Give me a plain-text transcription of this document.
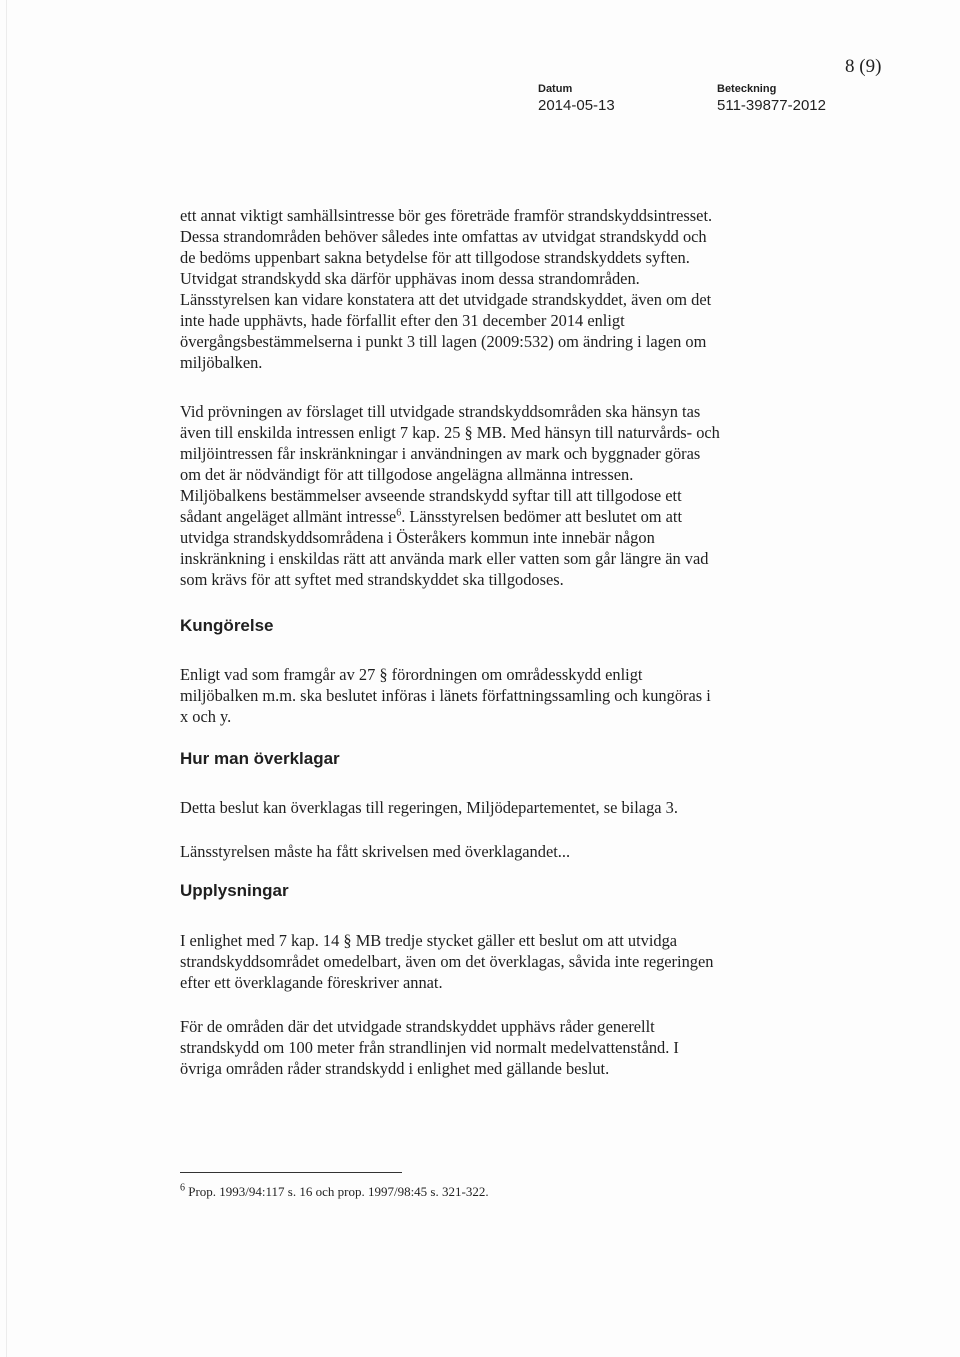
8 (9)
Datum
2014-05-13
Beteckning
511-39877-2012

ett annat viktigt samhällsintresse bör ges företräde framför strandskyddsintresset.
Dessa strandområden behöver således inte omfattas av utvidgat strandskydd och
de bedöms uppenbart sakna betydelse för att tillgodose strandskyddets syften.
Utvidgat strandskydd ska därför upphävas inom dessa strandområden.
Länsstyrelsen kan vidare konstatera att det utvidgade strandskyddet, även om det
inte hade upphävts, hade förfallit efter den 31 december 2014 enligt
övergångsbestämmelserna i punkt 3 till lagen (2009:532) om ändring i lagen om
miljöbalken.

Vid prövningen av förslaget till utvidgade strandskyddsområden ska hänsyn tas
även till enskilda intressen enligt 7 kap. 25 § MB. Med hänsyn till naturvårds- och
miljöintressen får inskränkningar i användningen av mark och byggnader göras
om det är nödvändigt för att tillgodose angelägna allmänna intressen.
Miljöbalkens bestämmelser avseende strandskydd syftar till att tillgodose ett
sådant angeläget allmänt intresse$^6$. Länsstyrelsen bedömer att beslutet om att
utvidga strandskyddsområdena i Österåkers kommun inte innebär någon
inskränkning i enskildas rätt att använda mark eller vatten som går längre än vad
som krävs för att syftet med strandskyddet ska tillgodoses.

Kungörelse

Enligt vad som framgår av 27 § förordningen om områdesskydd enligt
miljöbalken m.m. ska beslutet införas i länets författningssamling och kungöras i
x och y.

Hur man överklagar

Detta beslut kan överklagas till regeringen, Miljödepartementet, se bilaga 3.

Länsstyrelsen måste ha fått skrivelsen med överklagandet...

Upplysningar

I enlighet med 7 kap. 14 § MB tredje stycket gäller ett beslut om att utvidga
strandskyddsområdet omedelbart, även om det överklagas, såvida inte regeringen
efter ett överklagande föreskriver annat.

För de områden där det utvidgade strandskyddet upphävs råder generellt
strandskydd om 100 meter från strandlinjen vid normalt medelvattenstånd. I
övriga områden råder strandskydd i enlighet med gällande beslut.

$^6$ Prop. 1993/94:117 s. 16 och prop. 1997/98:45 s. 321-322.
